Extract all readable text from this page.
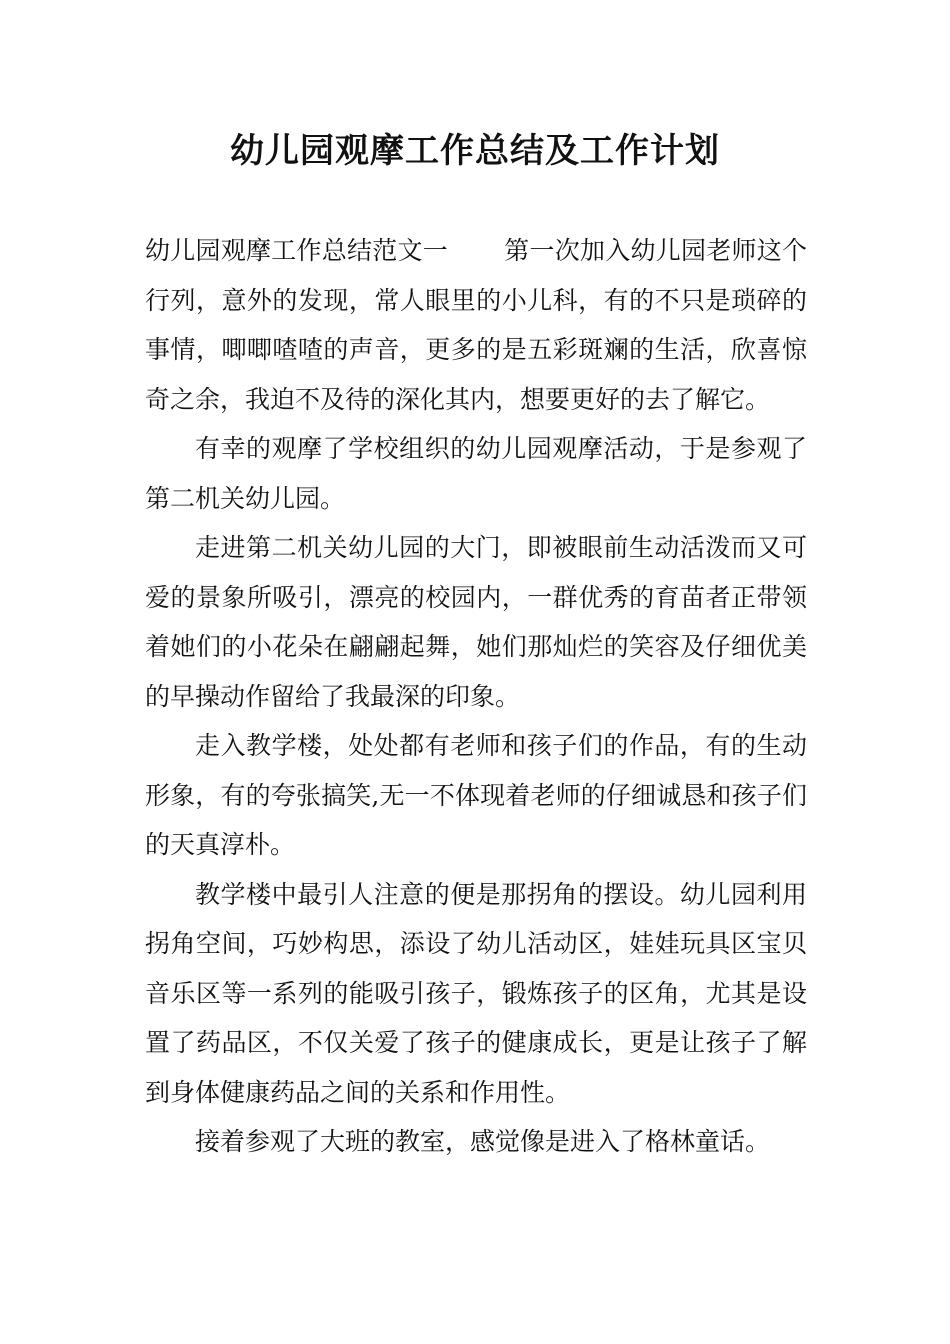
幼儿园观摩工作总结及工作计划

幼儿园观摩工作总结范文一 第一次加入幼儿园老师这个行列，意外的发现，常人眼里的小儿科，有的不只是琐碎的事情，唧唧喳喳的声音，更多的是五彩斑斓的生活，欣喜惊奇之余，我迫不及待的深化其内，想要更好的去了解它。

有幸的观摩了学校组织的幼儿园观摩活动，于是参观了第二机关幼儿园。

走进第二机关幼儿园的大门，即被眼前生动活泼而又可爱的景象所吸引，漂亮的校园内，一群优秀的育苗者正带领着她们的小花朵在翩翩起舞，她们那灿烂的笑容及仔细优美的早操动作留给了我最深的印象。

走入教学楼，处处都有老师和孩子们的作品，有的生动形象，有的夸张搞笑,无一不体现着老师的仔细诚恳和孩子们的天真淳朴。

教学楼中最引人注意的便是那拐角的摆设。幼儿园利用拐角空间，巧妙构思，添设了幼儿活动区，娃娃玩具区宝贝音乐区等一系列的能吸引孩子，锻炼孩子的区角，尤其是设置了药品区，不仅关爱了孩子的健康成长，更是让孩子了解到身体健康药品之间的关系和作用性。

接着参观了大班的教室，感觉像是进入了格林童话。
